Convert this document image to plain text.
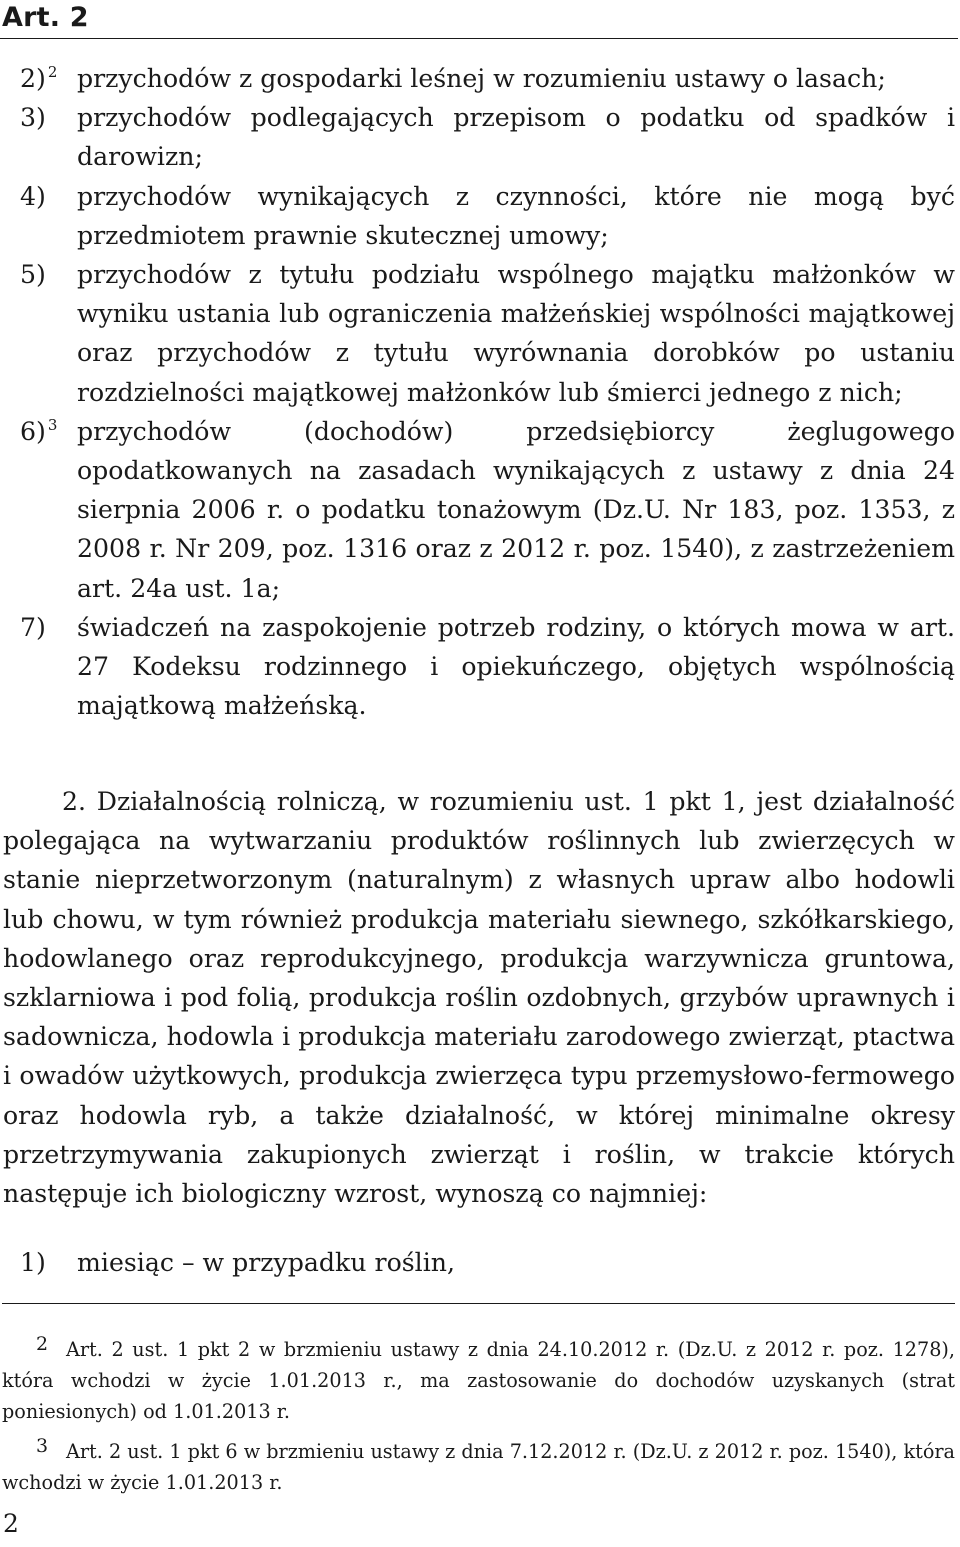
Art. 2
2) $^2$ przychodów z gospodarki leśnej w rozumieniu ustawy o lasach;
3) przychodów podlegających przepisom o podatku od spadków i darowizn;
4) przychodów wynikających z czynności, które nie mogą być przedmiotem prawnie skutecznej umowy;
5) przychodów z tytułu podziału wspólnego majątku małżonków w wyniku ustania lub ograniczenia małżeńskiej wspólności majątkowej oraz przychodów z tytułu wyrównania dorobków po ustaniu rozdzielności majątkowej małżonków lub śmierci jednego z nich;
6) $^3$ przychodów (dochodów) przedsiębiorcy żeglugowego opodatkowanych na zasadach wynikających z ustawy z dnia 24 sierpnia 2006 r. o podatku tonażowym (Dz.U. Nr 183, poz. 1353, z 2008 r. Nr 209, poz. 1316 oraz z 2012 r. poz. 1540), z zastrzeżeniem art. 24a ust. 1a;
7) świadczeń na zaspokojenie potrzeb rodziny, o których mowa w art. 27 Kodeksu rodzinnego i opiekuńczego, objętych wspólnością majątkową małżeńską.
2. Działalnością rolniczą, w rozumieniu ust. 1 pkt 1, jest działalność polegająca na wytwarzaniu produktów roślinnych lub zwierzęcych w stanie nieprzetworzonym (naturalnym) z własnych upraw albo hodowli lub chowu, w tym również produkcja materiału siewnego, szkółkarskiego, hodowlanego oraz reprodukcyjnego, produkcja warzywnicza gruntowa, szklarniowa i pod folią, produkcja roślin ozdobnych, grzybów uprawnych i sadownicza, hodowla i produkcja materiału zarodowego zwierząt, ptactwa i owadów użytkowych, produkcja zwierzęca typu przemysłowo-fermowego oraz hodowla ryb, a także działalność, w której minimalne okresy przetrzymywania zakupionych zwierząt i roślin, w trakcie których następuje ich biologiczny wzrost, wynoszą co najmniej:
1) miesiąc – w przypadku roślin,
2 Art. 2 ust. 1 pkt 2 w brzmieniu ustawy z dnia 24.10.2012 r. (Dz.U. z 2012 r. poz. 1278), która wchodzi w życie 1.01.2013 r., ma zastosowanie do dochodów uzyskanych (strat poniesionych) od 1.01.2013 r.
3 Art. 2 ust. 1 pkt 6 w brzmieniu ustawy z dnia 7.12.2012 r. (Dz.U. z 2012 r. poz. 1540), która wchodzi w życie 1.01.2013 r.
2
